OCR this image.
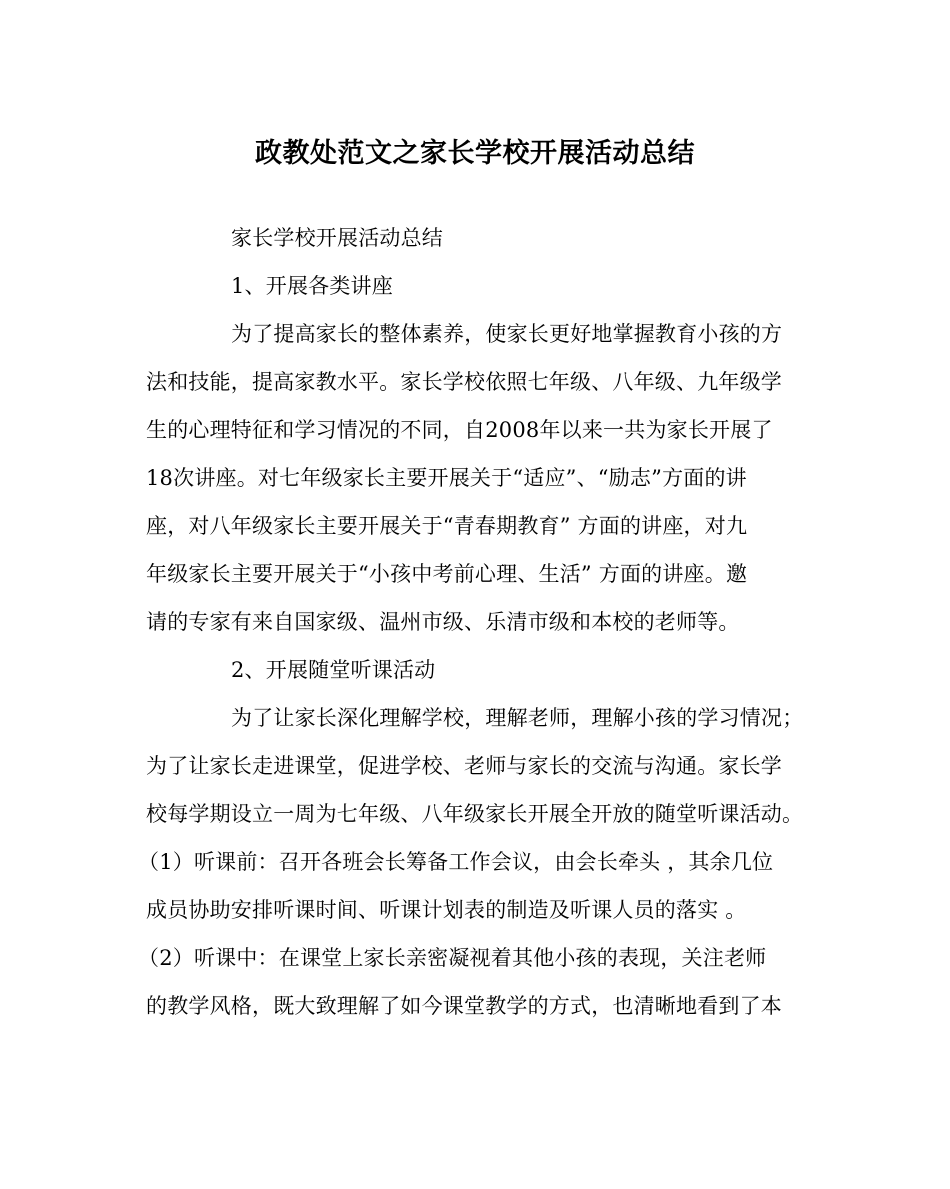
政教处范文之家长学校开展活动总结
家长学校开展活动总结
1、开展各类讲座
为了提高家长的整体素养，使家长更好地掌握教育小孩的方
法和技能，提高家教水平。家长学校依照七年级、八年级、九年级学
生的心理特征和学习情况的不同，自2008年以来一共为家长开展了
18次讲座。对七年级家长主要开展关于“适应”、“励志”方面的讲
座，对八年级家长主要开展关于“青春期教育” 方面的讲座，对九
年级家长主要开展关于“小孩中考前心理、生活” 方面的讲座。邀
请的专家有来自国家级、温州市级、乐清市级和本校的老师等。
2、开展随堂听课活动
为了让家长深化理解学校，理解老师，理解小孩的学习情况；
为了让家长走进课堂，促进学校、老师与家长的交流与沟通。家长学
校每学期设立一周为七年级、八年级家长开展全开放的随堂听课活动。
（1）听课前：召开各班会长筹备工作会议，由会长牵头 ，其余几位
成员协助安排听课时间、听课计划表的制造及听课人员的落实 。
（2）听课中：在课堂上家长亲密凝视着其他小孩的表现，关注老师
的教学风格，既大致理解了如今课堂教学的方式，也清晰地看到了本
